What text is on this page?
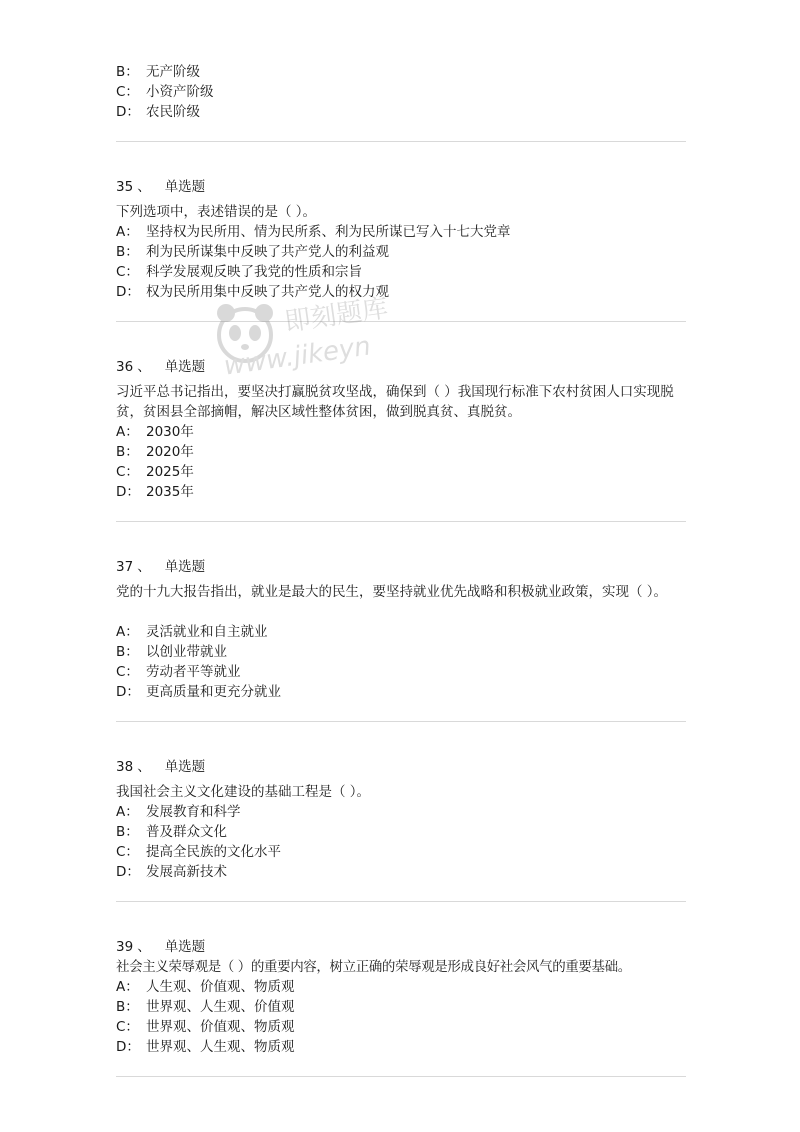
B： 无产阶级
C： 小资产阶级
D： 农民阶级
35 、 单选题
下列选项中，表述错误的是（ ）。
A： 坚持权为民所用、情为民所系、利为民所谋已写入十七大党章
B： 利为民所谋集中反映了共产党人的利益观
C： 科学发展观反映了我党的性质和宗旨
D： 权为民所用集中反映了共产党人的权力观
36 、 单选题
习近平总书记指出，要坚决打赢脱贫攻坚战，确保到（ ）我国现行标准下农村贫困人口实现脱贫，贫困县全部摘帽，解决区域性整体贫困，做到脱真贫、真脱贫。
A： 2030年
B： 2020年
C： 2025年
D： 2035年
37 、 单选题
党的十九大报告指出，就业是最大的民生，要坚持就业优先战略和积极就业政策，实现（ ）。
A： 灵活就业和自主就业
B： 以创业带就业
C： 劳动者平等就业
D： 更高质量和更充分就业
38 、 单选题
我国社会主义文化建设的基础工程是（ ）。
A： 发展教育和科学
B： 普及群众文化
C： 提高全民族的文化水平
D： 发展高新技术
39 、 单选题
社会主义荣辱观是（ ）的重要内容，树立正确的荣辱观是形成良好社会风气的重要基础。
A： 人生观、价值观、物质观
B： 世界观、人生观、价值观
C： 世界观、价值观、物质观
D： 世界观、人生观、物质观
即刻题库
www.jikeyn
